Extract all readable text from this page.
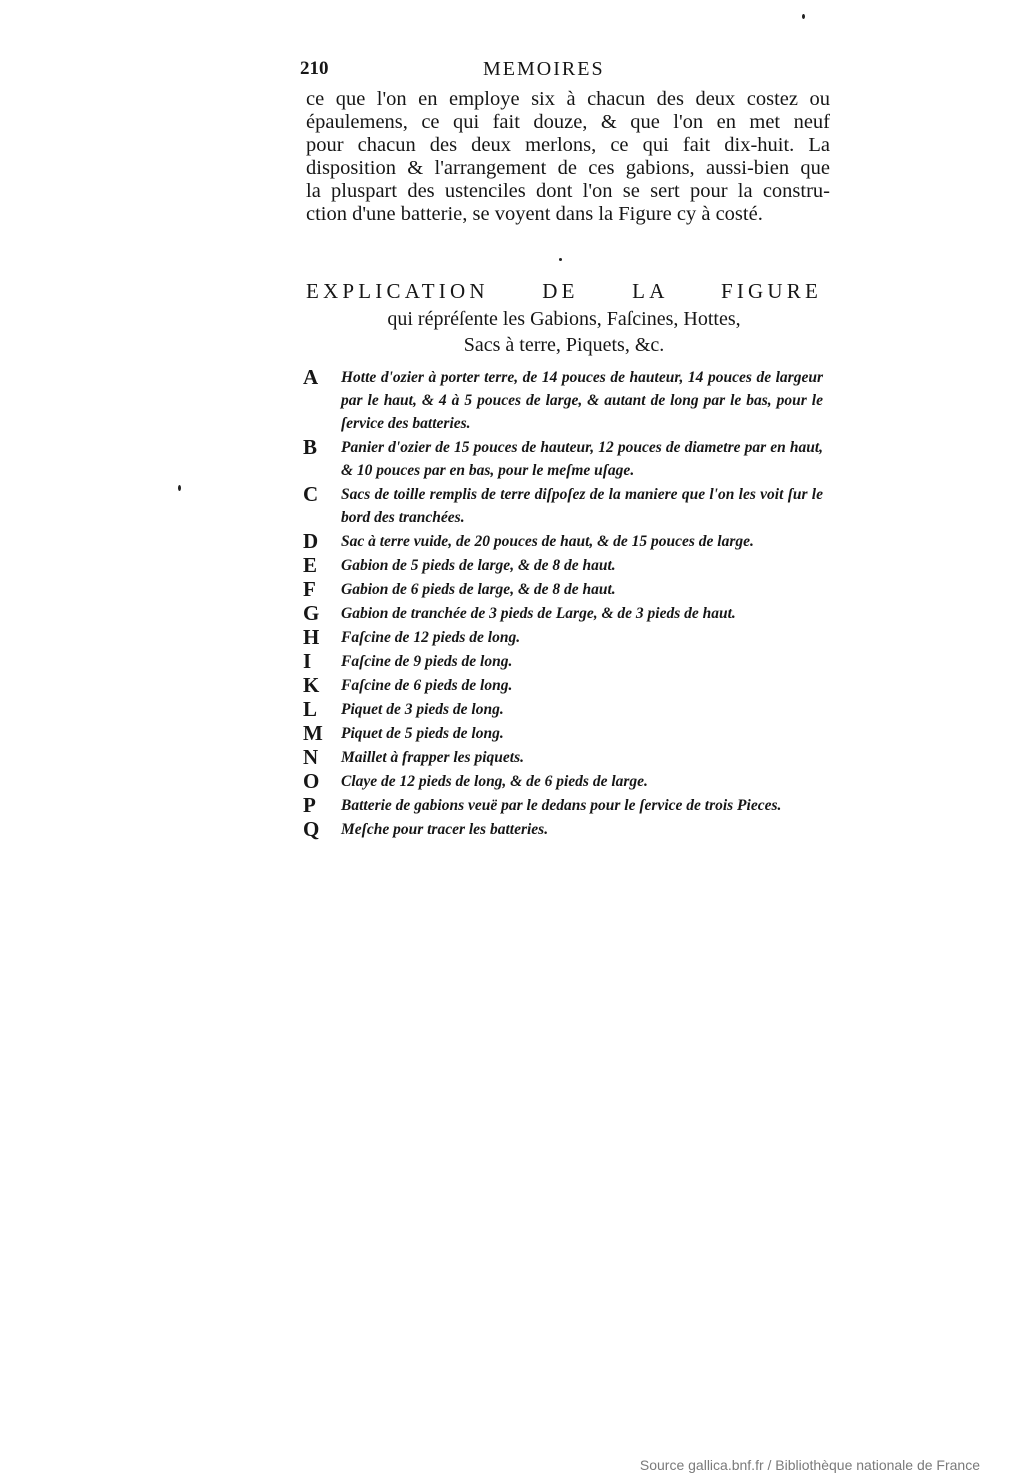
210	MEMOIRES
ce que l'on en employe six à chacun des deux costez ou
épaulemens, ce qui fait douze, & que l'on en met neuf
pour chacun des deux merlons, ce qui fait dix-huit. La
disposition & l'arrangement de ces gabions, aussi-bien que
la pluspart des ustenciles dont l'on se sert pour la constru-
ction d'une batterie, se voyent dans la Figure cy à costé.
EXPLICATION DE LA FIGURE
qui répréſente les Gabions, Faſcines, Hottes,
Sacs à terre, Piquets, &c.
A Hotte d'ozier à porter terre, de 14 pouces de hauteur, 14 pouces de largeur par le haut, & 4 à 5 pouces de large, & autant de long par le bas, pour le ſervice des batteries.
B Panier d'ozier de 15 pouces de hauteur, 12 pouces de diametre par en haut, & 10 pouces par en bas, pour le meſme uſage.
C Sacs de toille remplis de terre diſpoſez de la maniere que l'on les voit ſur le bord des tranchées.
D Sac à terre vuide, de 20 pouces de haut, & de 15 pouces de large.
E Gabion de 5 pieds de large, & de 8 de haut.
F Gabion de 6 pieds de large, & de 8 de haut.
G Gabion de tranchée de 3 pieds de Large, & de 3 pieds de haut.
H Faſcine de 12 pieds de long.
I Faſcine de 9 pieds de long.
K Faſcine de 6 pieds de long.
L Piquet de 3 pieds de long.
M Piquet de 5 pieds de long.
N Maillet à frapper les piquets.
O Claye de 12 pieds de long, & de 6 pieds de large.
P Batterie de gabions veuë par le dedans pour le ſervice de trois Pieces.
Q Meſche pour tracer les batteries.
Source gallica.bnf.fr / Bibliothèque nationale de France
